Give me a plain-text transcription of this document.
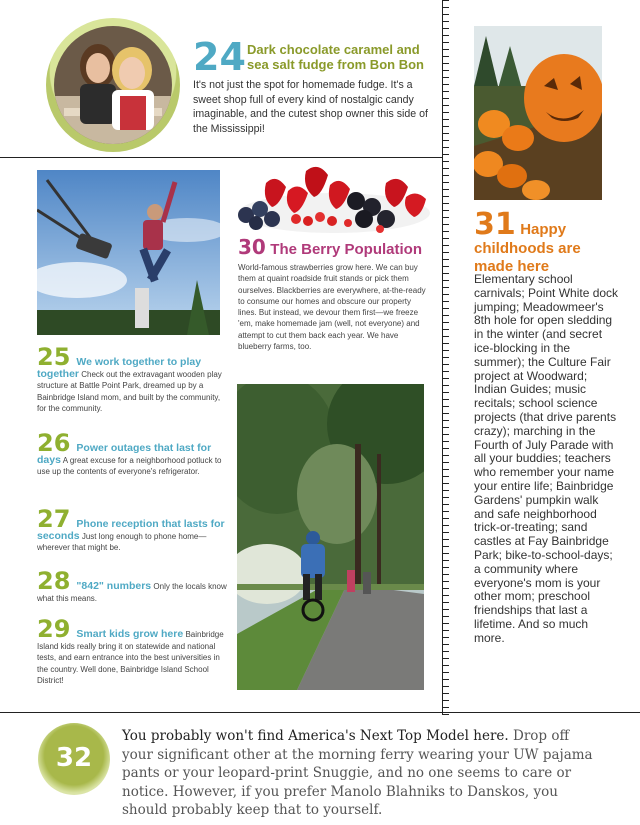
24 Dark chocolate caramel and sea salt fudge from Bon Bon
It's not just the spot for homemade fudge. It's a sweet shop full of every kind of nostalgic candy imaginable, and the cutest shop owner this side of the Mississippi!
30 The Berry Population
World-famous strawberries grow here. We can buy them at quaint roadside fruit stands or pick them ourselves. Blackberries are everywhere, at-the-ready to consume our homes and obscure our property lines. But instead, we devour them first—we freeze 'em, make homemade jam (well, not everyone) and attempt to cut them back each year. We have blueberry farms, too.
25 We work together to play together Check out the extravagant wooden play structure at Battle Point Park, dreamed up by a Bainbridge Island mom, and built by the community, for the community.
26 Power outages that last for days A great excuse for a neighborhood potluck to use up the contents of everyone's refrigerator.
27 Phone reception that lasts for seconds Just long enough to phone home—wherever that might be.
28 "842" numbers Only the locals know what this means.
29 Smart kids grow here Bainbridge Island kids really bring it on statewide and national tests, and earn entrance into the best universities in the country. Well done, Bainbridge Island School District!
31 Happy childhoods are made here
Elementary school carnivals; Point White dock jumping; Meadowmeer's 8th hole for open sledding in the winter (and secret ice-blocking in the summer); the Culture Fair project at Woodward; Indian Guides; music recitals; school science projects (that drive parents crazy); marching in the Fourth of July Parade with all your buddies; teachers who remember your name your entire life; Bainbridge Gardens' pumpkin walk and safe neighborhood trick-or-treating; sand castles at Fay Bainbridge Park; bike-to-school-days; a community where everyone's mom is your other mom; preschool friendships that last a lifetime. And so much more.
32
You probably won't find America's Next Top Model here. Drop off your significant other at the morning ferry wearing your UW pajama pants or your leopard-print Snuggie, and no one seems to care or notice. However, if you prefer Manolo Blahniks to Danskos, you should probably keep that to yourself.
